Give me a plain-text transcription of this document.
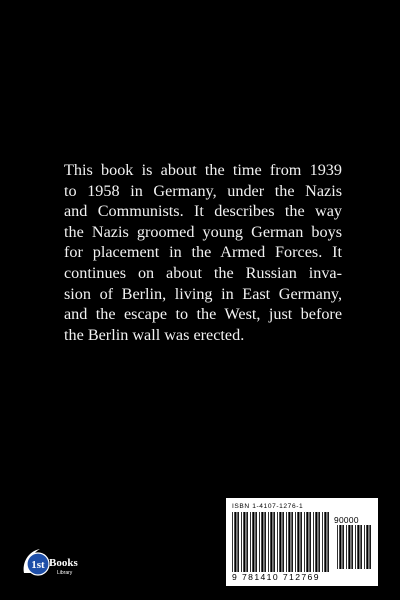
This book is about the time from 1939
to 1958 in Germany, under the Nazis
and Communists. It describes the way
the Nazis groomed young German boys
for placement in the Armed Forces. It
continues on about the Russian inva-
sion of Berlin, living in East Germany,
and the escape to the West, just before
the Berlin wall was erected.

1st Books
Library
ISBN 1-4107-1276-1
90000
9 781410 712769
